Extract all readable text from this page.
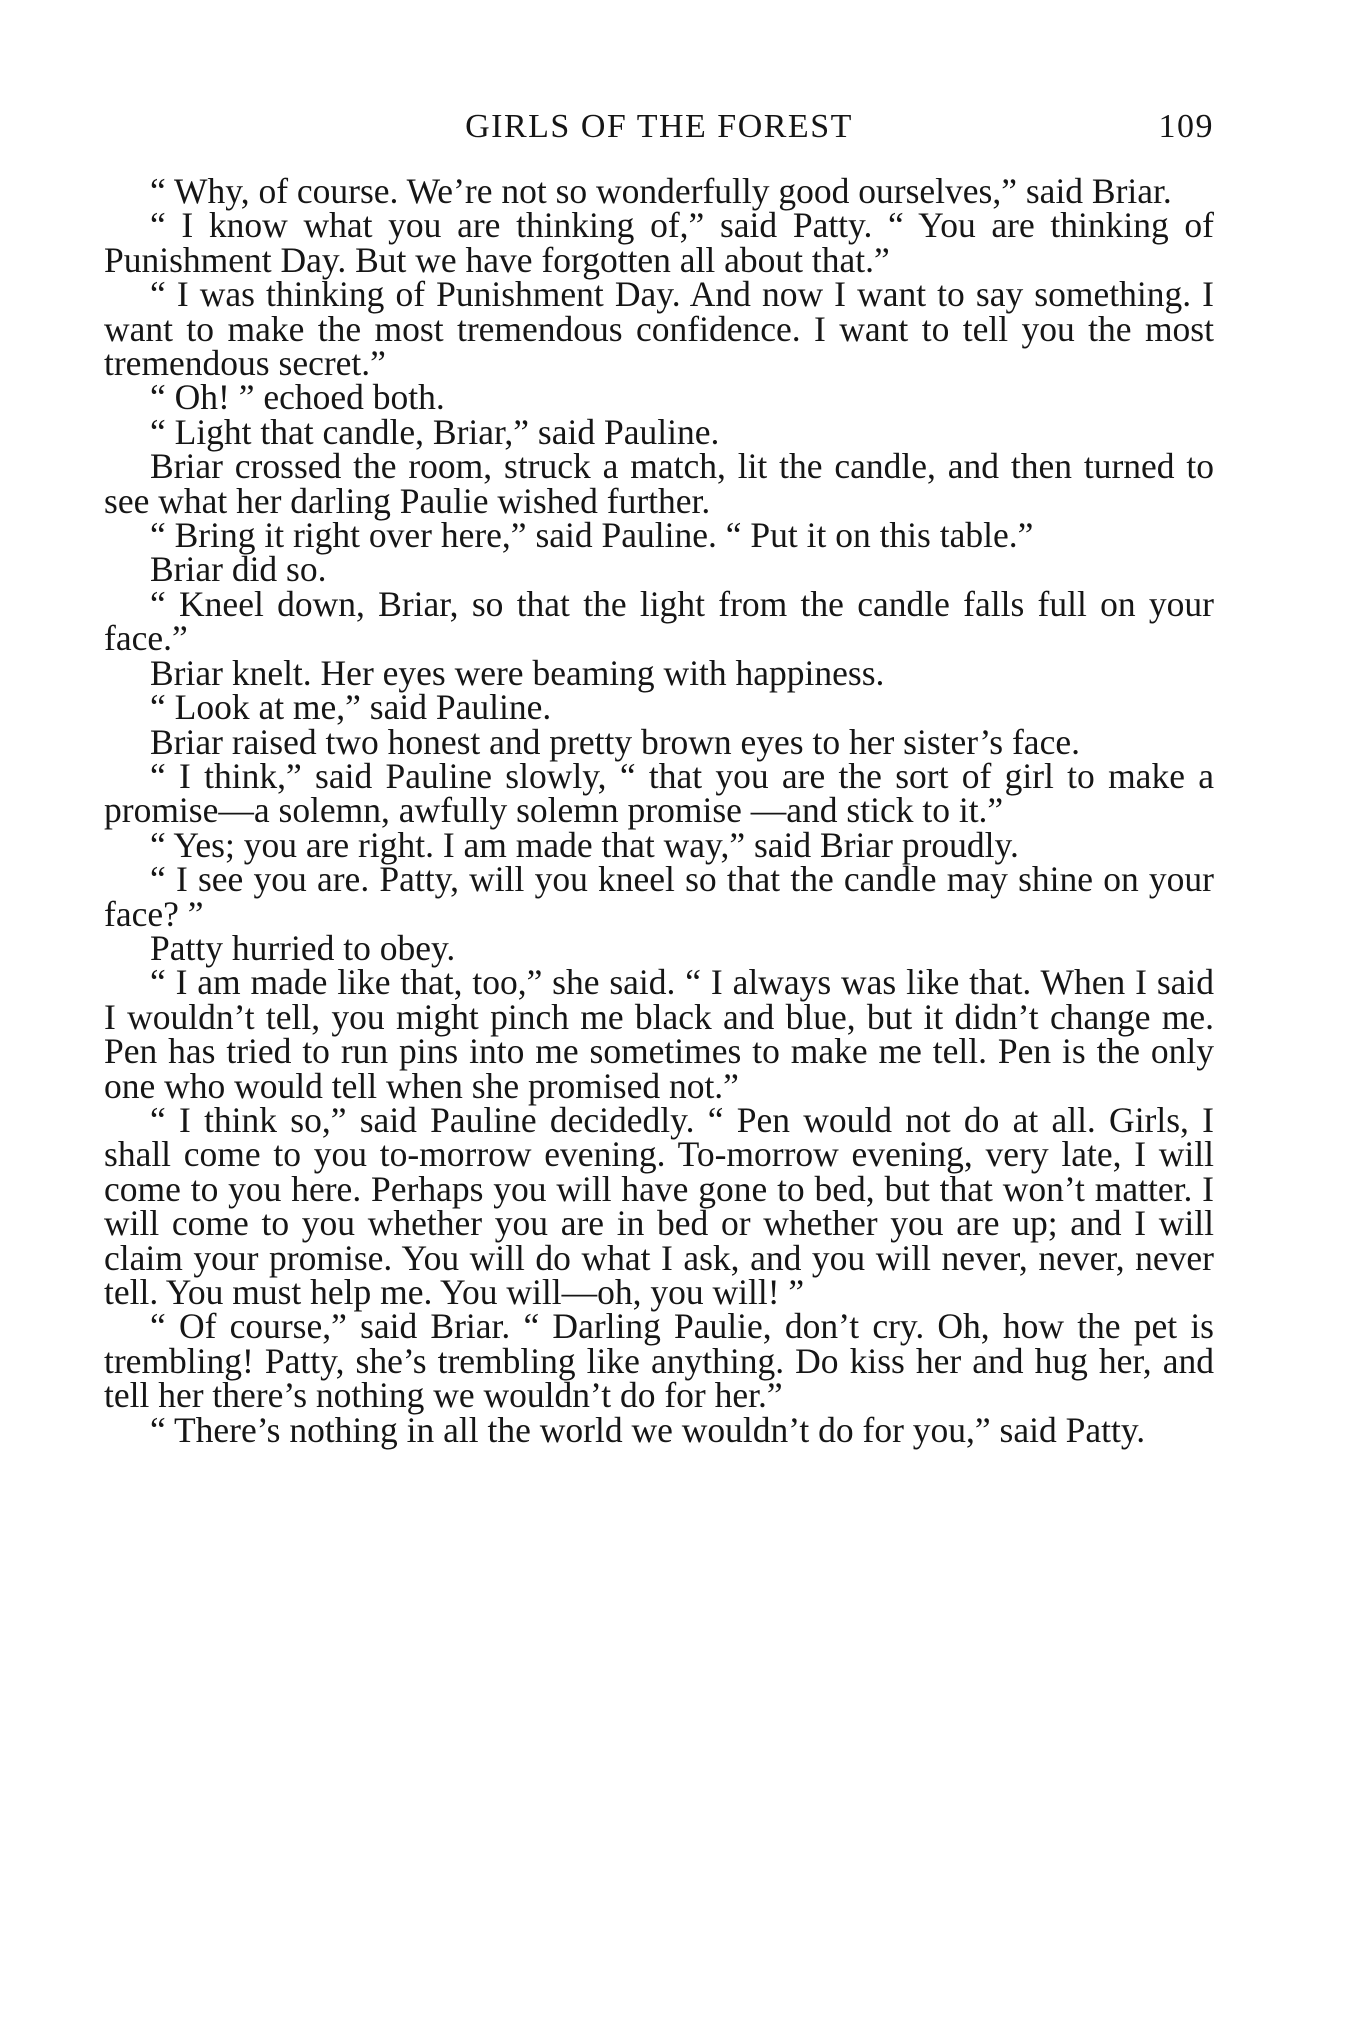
GIRLS OF THE FOREST	109

“ Why, of course. We’re not so wonderfully good ourselves,” said Briar.

“ I know what you are thinking of,” said Patty. “ You are thinking of Punishment Day. But we have forgotten all about that.”

“ I was thinking of Punishment Day. And now I want to say something. I want to make the most tremendous confidence. I want to tell you the most tremendous secret.”

“ Oh! ” echoed both.

“ Light that candle, Briar,” said Pauline.

Briar crossed the room, struck a match, lit the candle, and then turned to see what her darling Paulie wished further.

“ Bring it right over here,” said Pauline. “ Put it on this table.”

Briar did so.

“ Kneel down, Briar, so that the light from the candle falls full on your face.”

Briar knelt. Her eyes were beaming with happiness.

“ Look at me,” said Pauline.

Briar raised two honest and pretty brown eyes to her sister’s face.

“ I think,” said Pauline slowly, “ that you are the sort of girl to make a promise—a solemn, awfully solemn promise —and stick to it.”

“ Yes; you are right. I am made that way,” said Briar proudly.

“ I see you are. Patty, will you kneel so that the candle may shine on your face? ”

Patty hurried to obey.

“ I am made like that, too,” she said. “ I always was like that. When I said I wouldn’t tell, you might pinch me black and blue, but it didn’t change me. Pen has tried to run pins into me sometimes to make me tell. Pen is the only one who would tell when she promised not.”

“ I think so,” said Pauline decidedly. “ Pen would not do at all. Girls, I shall come to you to-morrow evening. To-morrow evening, very late, I will come to you here. Perhaps you will have gone to bed, but that won’t matter. I will come to you whether you are in bed or whether you are up; and I will claim your promise. You will do what I ask, and you will never, never, never tell. You must help me. You will—oh, you will! ”

“ Of course,” said Briar. “ Darling Paulie, don’t cry. Oh, how the pet is trembling! Patty, she’s trembling like anything. Do kiss her and hug her, and tell her there’s nothing we wouldn’t do for her.”

“ There’s nothing in all the world we wouldn’t do for you,” said Patty.
